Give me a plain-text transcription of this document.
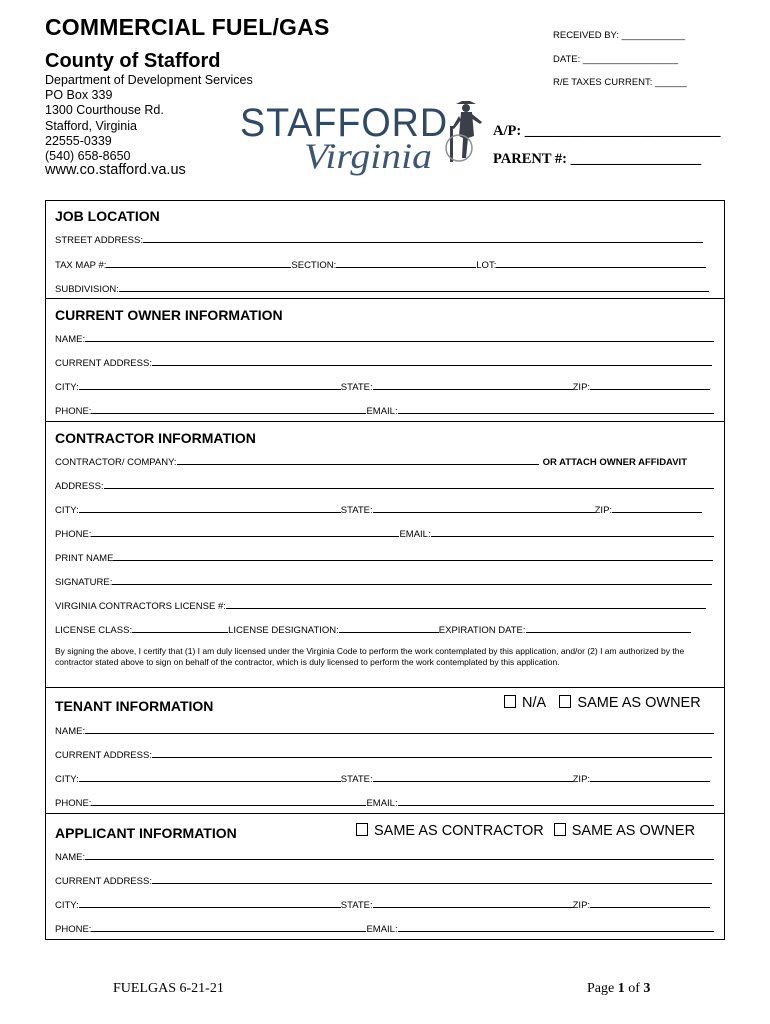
COMMERCIAL FUEL/GAS
County of Stafford
Department of Development Services
PO Box 339
1300 Courthouse Rd.
Stafford, Virginia
22555-0339
(540) 658-8650
www.co.stafford.va.us
RECEIVED BY: ____________
DATE: __________________
R/E TAXES CURRENT: ______
A/P: ___________________________
PARENT #: __________________
STAFFORD
Virginia
JOB LOCATION
STREET ADDRESS:
TAX MAP #:	SECTION:	LOT:
SUBDIVISION:
CURRENT OWNER INFORMATION
NAME:
CURRENT ADDRESS:
CITY:	STATE:	ZIP:
PHONE:	EMAIL:
CONTRACTOR INFORMATION
CONTRACTOR/ COMPANY:	OR ATTACH OWNER AFFIDAVIT
ADDRESS:
CITY:	STATE:	ZIP:
PHONE:	EMAIL:
PRINT NAME
SIGNATURE:
VIRGINIA CONTRACTORS LICENSE #:
LICENSE CLASS:	LICENSE DESIGNATION:	EXPIRATION DATE:
By signing the above, I certify that (1) I am duly licensed under the Virginia Code to perform the work contemplated by this application, and/or (2) I am authorized by the contractor stated above to sign on behalf of the contractor, which is duly licensed to perform the work contemplated by this application.
TENANT INFORMATION	N/A SAME AS OWNER
NAME:
CURRENT ADDRESS:
CITY:	STATE:	ZIP:
PHONE:	EMAIL:
APPLICANT INFORMATION	SAME AS CONTRACTOR SAME AS OWNER
NAME:
CURRENT ADDRESS:
CITY:	STATE:	ZIP:
PHONE:	EMAIL:
FUELGAS 6-21-21	Page 1 of 3
